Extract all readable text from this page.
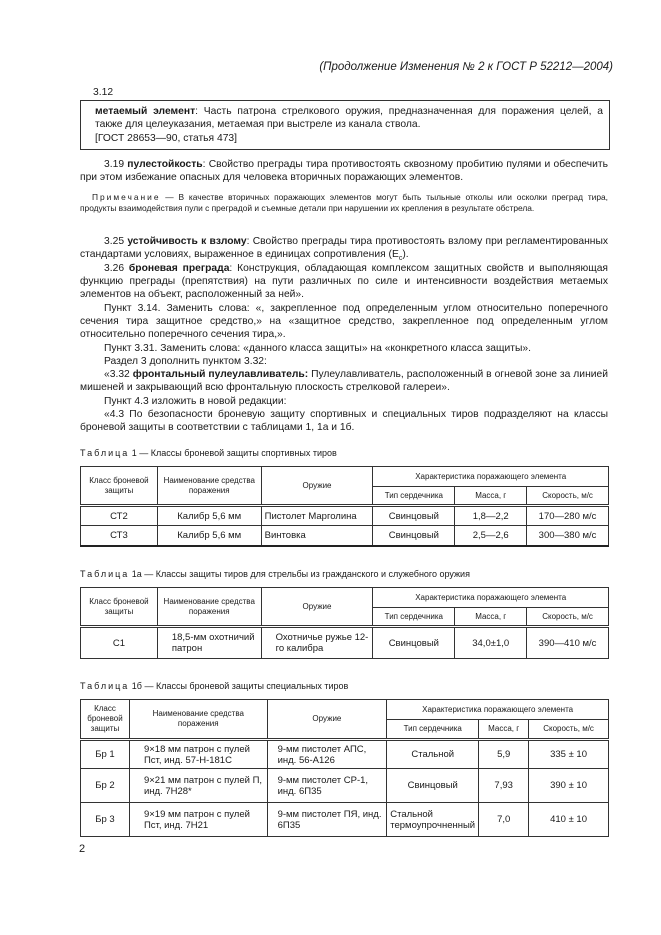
(Продолжение Изменения № 2 к ГОСТ Р 52212—2004)
3.12
метаемый элемент: Часть патрона стрелкового оружия, предназначенная для поражения целей, а также для целеуказания, метаемая при выстреле из канала ствола.
[ГОСТ 28653—90, статья 473]
3.19 пулестойкость: Свойство преграды тира противостоять сквозному пробитию пулями и обеспечить при этом избежание опасных для человека вторичных поражающих элементов.
Примечание — В качестве вторичных поражающих элементов могут быть тыльные отколы или осколки преград тира, продукты взаимодействия пули с преградой и съемные детали при нарушении их крепления в результате обстрела.
3.25 устойчивость к взлому: Свойство преграды тира противостоять взлому при регламентированных стандартами условиях, выраженное в единицах сопротивления $(E_c)$.
3.26 броневая преграда: Конструкция, обладающая комплексом защитных свойств и выполняющая функцию преграды (препятствия) на пути различных по силе и интенсивности воздействия метаемых элементов на объект, расположенный за ней».
Пункт 3.14. Заменить слова: «, закрепленное под определенным углом относительно поперечного сечения тира защитное средство,» на «защитное средство, закрепленное под определенным углом относительно поперечного сечения тира,».
Пункт 3.31. Заменить слова: «данного класса защиты» на «конкретного класса защиты».
Раздел 3 дополнить пунктом 3.32:
«3.32 фронтальный пулеулавливатель: Пулеулавливатель, расположенный в огневой зоне за линией мишеней и закрывающий всю фронтальную плоскость стрелковой галереи».
Пункт 4.3 изложить в новой редакции:
«4.3 По безопасности броневую защиту спортивных и специальных тиров подразделяют на классы броневой защиты в соответствии с таблицами 1, 1а и 1б.
Таблица 1 — Классы броневой защиты спортивных тиров
Класс броневой защиты	Наименование средства поражения	Оружие	Характеристика поражающего элемента		
			Тип сердечника	Масса, г	Скорость, м/с
СТ2	Калибр 5,6 мм	Пистолет Марголина	Свинцовый	1,8—2,2	170—280 м/с
СТ3	Калибр 5,6 мм	Винтовка	Свинцовый	2,5—2,6	300—380 м/с
Таблица 1а — Классы защиты тиров для стрельбы из гражданского и служебного оружия
Класс броневой защиты	Наименование средства поражения	Оружие	Характеристика поражающего элемента		
			Тип сердечника	Масса, г	Скорость, м/с
С1	18,5-мм охотничий патрон	Охотничье ружье 12-го калибра	Свинцовый	34,0±1,0	390—410 м/с
Таблица 1б — Классы броневой защиты специальных тиров
Класс броневой защиты	Наименование средства поражения	Оружие	Характеристика поражающего элемента		
			Тип сердечника	Масса, г	Скорость, м/с
Бр 1	9×18 мм патрон с пулей Пст, инд. 57-Н-181С	9-мм пистолет АПС, инд. 56-А126	Стальной	5,9	335 ± 10
Бр 2	9×21 мм патрон с пулей П, инд. 7Н28*	9-мм пистолет СР-1, инд. 6П35	Свинцовый	7,93	390 ± 10
Бр 3	9×19 мм патрон с пулей Пст, инд. 7Н21	9-мм пистолет ПЯ, инд. 6П35	Стальной термоупрочненный	7,0	410 ± 10
2
